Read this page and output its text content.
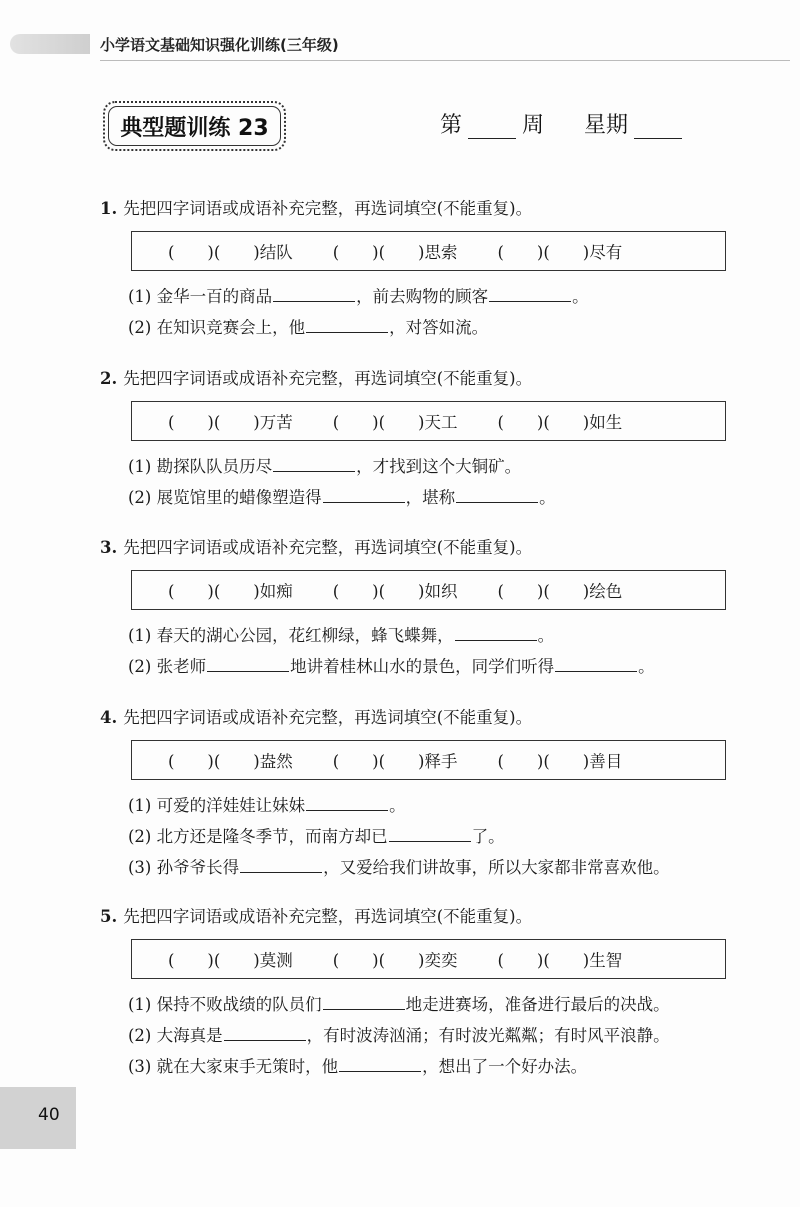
小学语文基础知识强化训练(三年级)
典型题训练 23	第	周 星期
1. 先把四字词语或成语补充完整，再选词填空(不能重复)。
(　　)(　　)结队 (　　)(　　)思索 (　　)(　　)尽有
(1) 金华一百的商品	，前去购物的顾客	。
(2) 在知识竞赛会上，他	，对答如流。
2. 先把四字词语或成语补充完整，再选词填空(不能重复)。
(　　)(　　)万苦 (　　)(　　)天工 (　　)(　　)如生
(1) 勘探队队员历尽	，才找到这个大铜矿。
(2) 展览馆里的蜡像塑造得	，堪称	。
3. 先把四字词语或成语补充完整，再选词填空(不能重复)。
(　　)(　　)如痴 (　　)(　　)如织 (　　)(　　)绘色
(1) 春天的湖心公园，花红柳绿，蜂飞蝶舞，	。
(2) 张老师	地讲着桂林山水的景色，同学们听得	。
4. 先把四字词语或成语补充完整，再选词填空(不能重复)。
(　　)(　　)盎然 (　　)(　　)释手 (　　)(　　)善目
(1) 可爱的洋娃娃让妹妹	。
(2) 北方还是隆冬季节，而南方却已	了。
(3) 孙爷爷长得	，又爱给我们讲故事，所以大家都非常喜欢他。
5. 先把四字词语或成语补充完整，再选词填空(不能重复)。
(　　)(　　)莫测 (　　)(　　)奕奕 (　　)(　　)生智
(1) 保持不败战绩的队员们	地走进赛场，准备进行最后的决战。
(2) 大海真是	，有时波涛汹涌；有时波光粼粼；有时风平浪静。
(3) 就在大家束手无策时，他	，想出了一个好办法。
40
